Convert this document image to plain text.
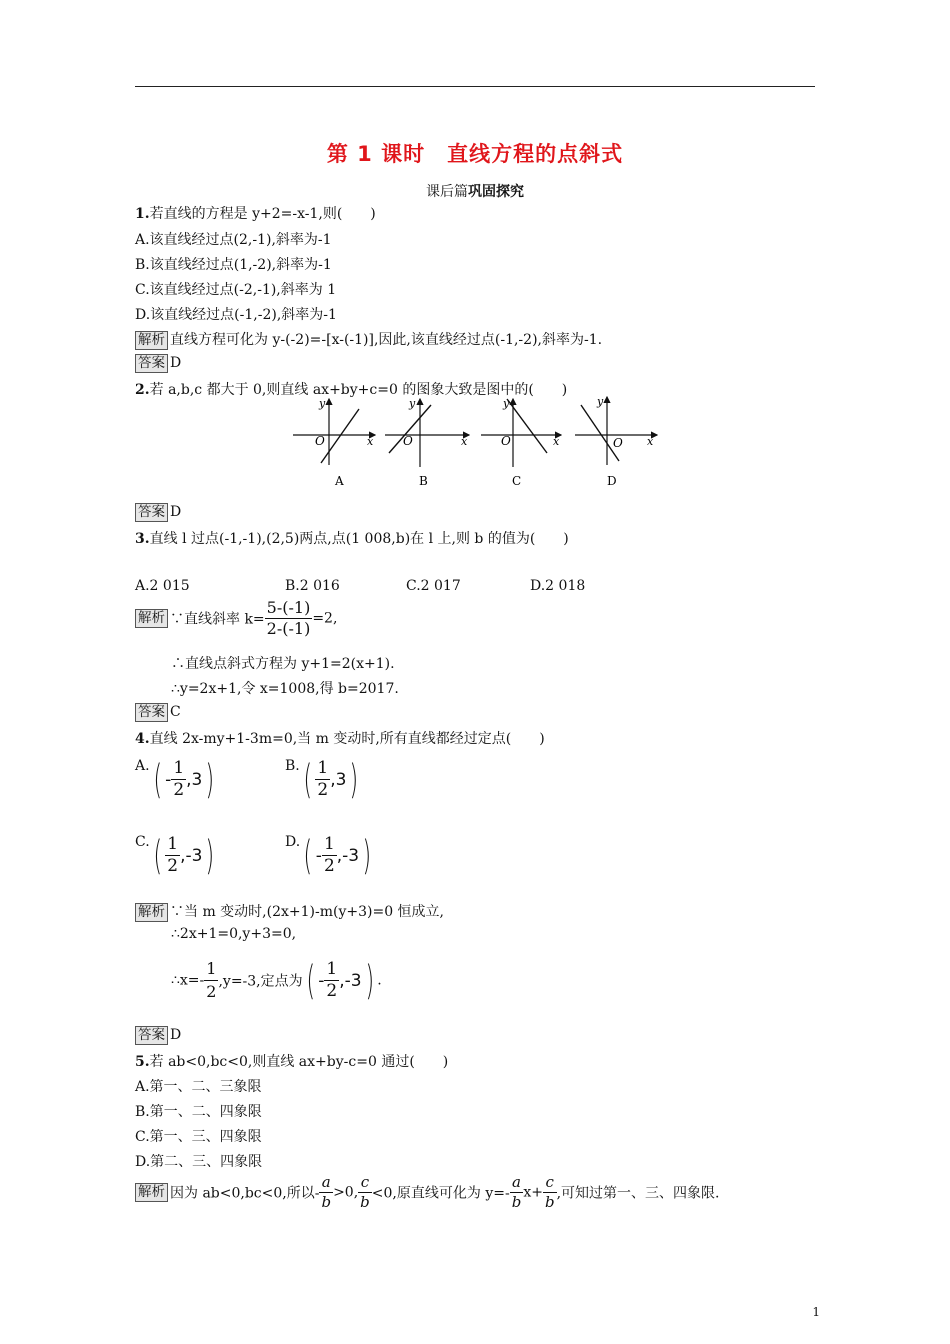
第 1 课时　直线方程的点斜式
课后篇巩固探究
1.若直线的方程是 y+2=-x-1,则(　　)
A.该直线经过点(2,-1),斜率为-1
B.该直线经过点(1,-2),斜率为-1
C.该直线经过点(-2,-1),斜率为 1
D.该直线经过点(-1,-2),斜率为-1
解析 直线方程可化为 y-(-2)=-[x-(-1)],因此,该直线经过点(-1,-2),斜率为-1.
答案 D
2.若 a,b,c 都大于 0,则直线 ax+by+c=0 的图象大致是图中的(　　)
O	x
y
A
O	x
y
B
O	x
y
C
O x
y
D
答案 D
3.直线 l 过点(-1,-1),(2,5)两点,点(1 008,b)在 l 上,则 b 的值为(　　)
A.2 015	B.2 016	C.2 017	D.2 018
解析 ∵直线斜率 $k= \frac{5-(-1)}{2-(-1)} =2$,
∴直线点斜式方程为 y+1=2(x+1).
∴y=2x+1,令 x=1008,得 b=2017.
答案 C
4.直线 2x-my+1-3m=0,当 m 变动时,所有直线都经过定点(　　)
$A.( - \frac{1}{2} ,3)$	$B.( \frac{1}{2} ,3)$
$C.( \frac{1}{2} ,-3)$	$D.( - \frac{1}{2} ,-3)$
解析 ∵当 m 变动时,(2x+1)-m(y+3)=0 恒成立,
∴2x+1=0,y+3=0,
∴x=- $\frac{1}{2} ,y=-3$,定点为( - $\frac{1}{2} ,-3$) .
答案 D
5.若 ab<0,bc<0,则直线 ax+by-c=0 通过(　　)
A.第一、二、三象限
B.第一、二、四象限
C.第一、三、四象限
D.第二、三、四象限
解析 因为 ab<0,bc<0,所以- $\frac{a}{b} >0$, $\frac{c}{b} <0$,原直线可化为 $y=- \frac{a}{b} x+ \frac{c}{b}$ ,可知过第一、三、四象限.
1
